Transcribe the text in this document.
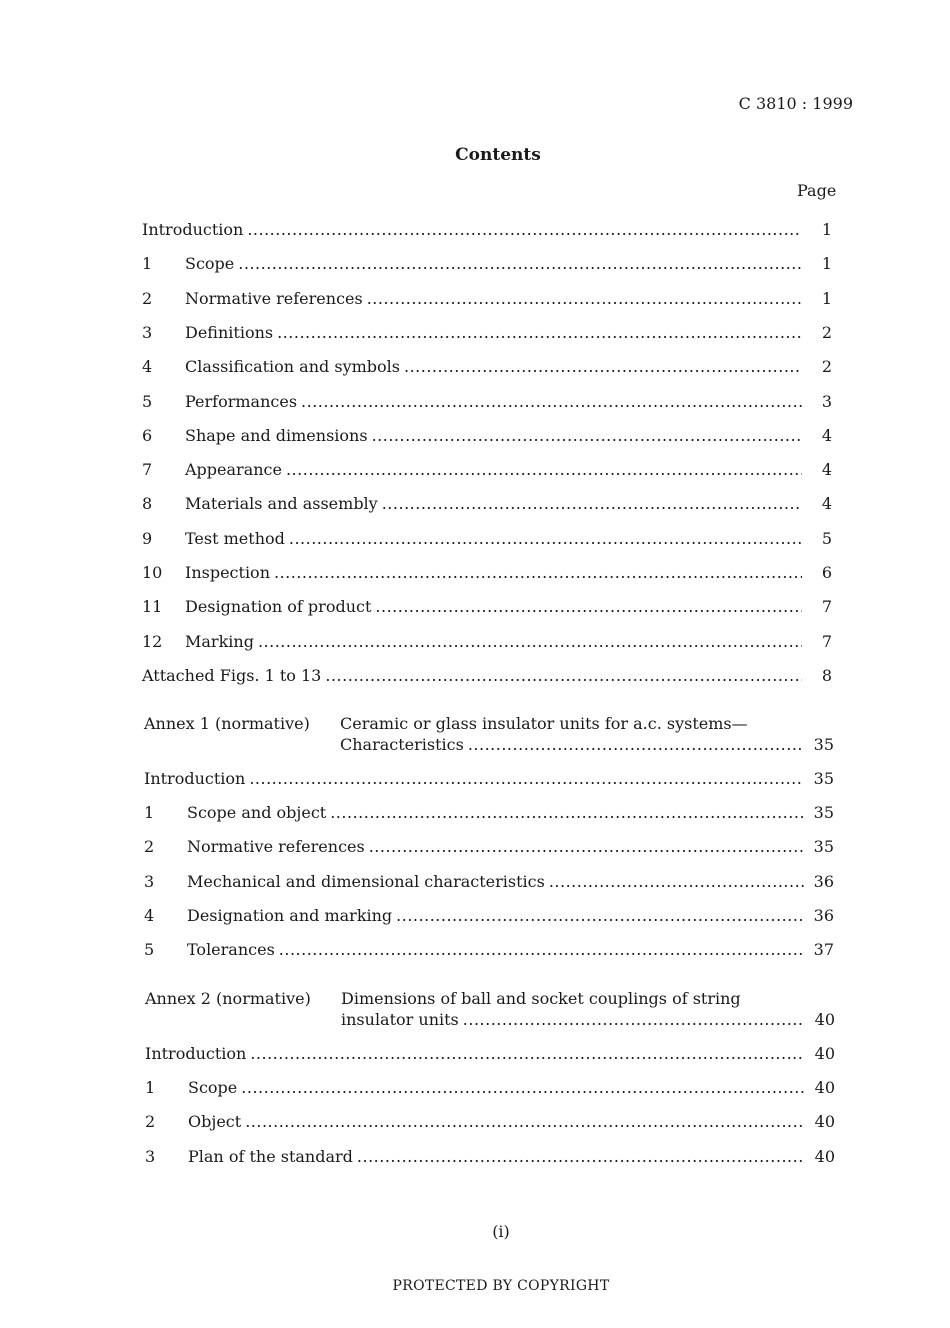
C 3810 : 1999
Contents
Page
Introduction .....	1
1	Scope .....	1
2	Normative references .....	1
3	Definitions .....	2
4	Classification and symbols .....	2
5	Performances .....	3
6	Shape and dimensions .....	4
7	Appearance .....	4
8	Materials and assembly .....	4
9	Test method .....	5
10	Inspection .....	6
11	Designation of product .....	7
12	Marking .....	7
Attached Figs. 1 to 13 .....	8
Annex 1 (normative) Ceramic or glass insulator units for a.c. systems—
Characteristics .....	35
Introduction .....	35
1	Scope and object .....	35
2	Normative references .....	35
3	Mechanical and dimensional characteristics .....	36
4	Designation and marking .....	36
5	Tolerances .....	37
Annex 2 (normative) Dimensions of ball and socket couplings of string
insulator units .....	40
Introduction .....	40
1	Scope .....	40
2	Object .....	40
3	Plan of the standard .....	40
(i)
PROTECTED BY COPYRIGHT
